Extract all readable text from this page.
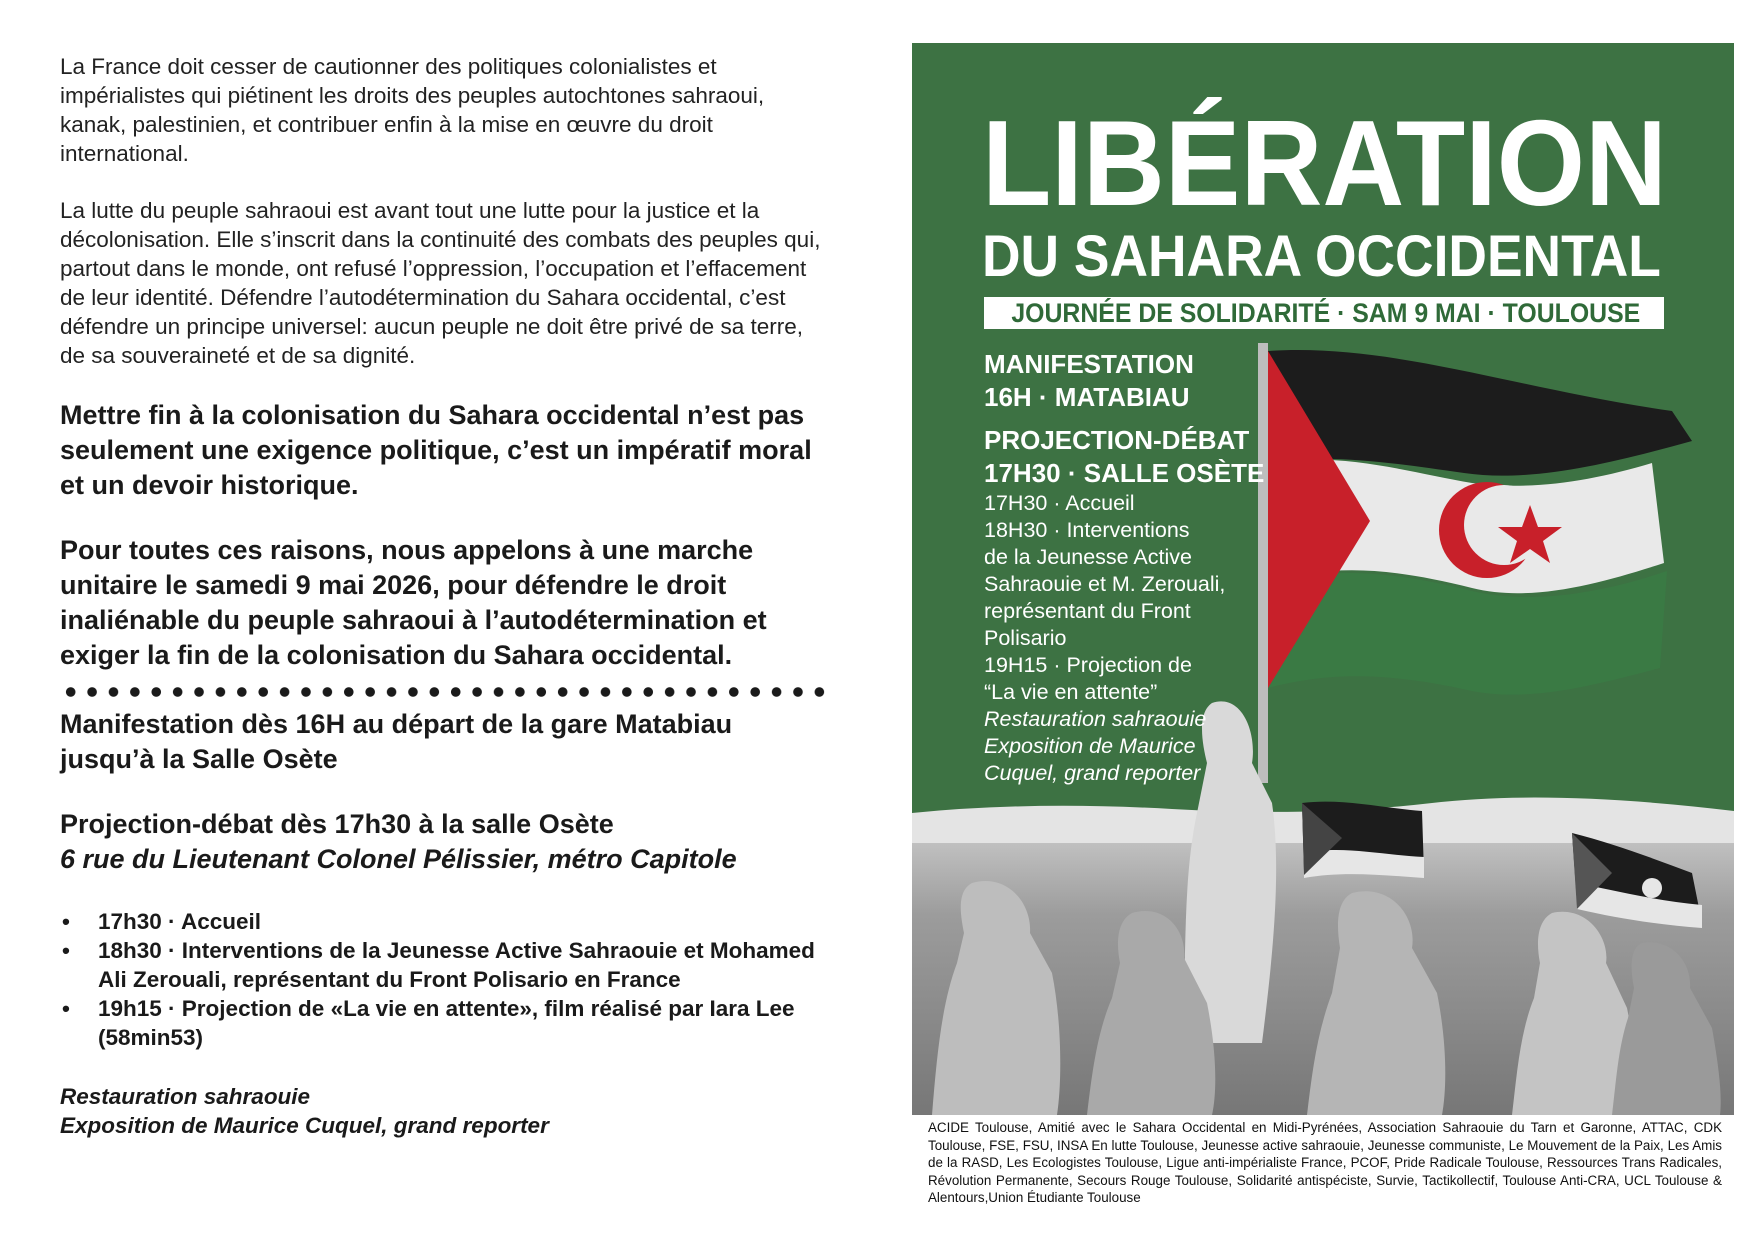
La France doit cesser de cautionner des politiques colonialistes et impérialistes qui piétinent les droits des peuples autochtones sahraoui, kanak, palestinien, et contribuer enfin à la mise en œuvre du droit international.

La lutte du peuple sahraoui est avant tout une lutte pour la justice et la décolonisation. Elle s’inscrit dans la continuité des combats des peuples qui, partout dans le monde, ont refusé l’oppression, l’occupation et l’effacement de leur identité. Défendre l’autodétermination du Sahara occidental, c’est défendre un principe universel: aucun peuple ne doit être privé de sa terre, de sa souveraineté et de sa dignité.

Mettre fin à la colonisation du Sahara occidental n’est pas seulement une exigence politique, c’est un impératif moral et un devoir historique.

Pour toutes ces raisons, nous appelons à une marche unitaire le samedi 9 mai 2026, pour défendre le droit inaliénable du peuple sahraoui à l’autodétermination et exiger la fin de la colonisation du Sahara occidental.

Manifestation dès 16H au départ de la gare Matabiau jusqu’à la Salle Osète

Projection-débat dès 17h30 à la salle Osète
6 rue du Lieutenant Colonel Pélissier, métro Capitole
• 17h30 · Accueil
• 18h30 · Interventions de la Jeunesse Active Sahraouie et Mohamed Ali Zerouali, représentant du Front Polisario en France
• 19h15 · Projection de «La vie en attente», film réalisé par Iara Lee (58min53)
Restauration sahraouie
Exposition de Maurice Cuquel, grand reporter
LIBÉRATION
DU SAHARA OCCIDENTAL
JOURNÉE DE SOLIDARITÉ · SAM 9 MAI · TOULOUSE
MANIFESTATION
16H · MATABIAU
PROJECTION-DÉBAT
17H30 · SALLE OSÈTE
17H30 · Accueil
18H30 · Interventions
de la Jeunesse Active Sahraouie et M. Zerouali, représentant du Front Polisario
19H15 · Projection de
“La vie en attente”
Restauration sahraouie
Exposition de Maurice Cuquel, grand reporter
ACIDE Toulouse, Amitié avec le Sahara Occidental en Midi-Pyrénées, Association Sahraouie du Tarn et Garonne, ATTAC, CDK Toulouse, FSE, FSU, INSA En lutte Toulouse, Jeunesse active sahraouie, Jeunesse communiste, Le Mouvement de la Paix, Les Amis de la RASD, Les Ecologistes Toulouse, Ligue anti-impérialiste France, PCOF, Pride Radicale Toulouse, Ressources Trans Radicales, Révolution Permanente, Secours Rouge Toulouse, Solidarité antispéciste, Survie, Tactikollectif, Toulouse Anti-CRA, UCL Toulouse & Alentours,Union Étudiante Toulouse
